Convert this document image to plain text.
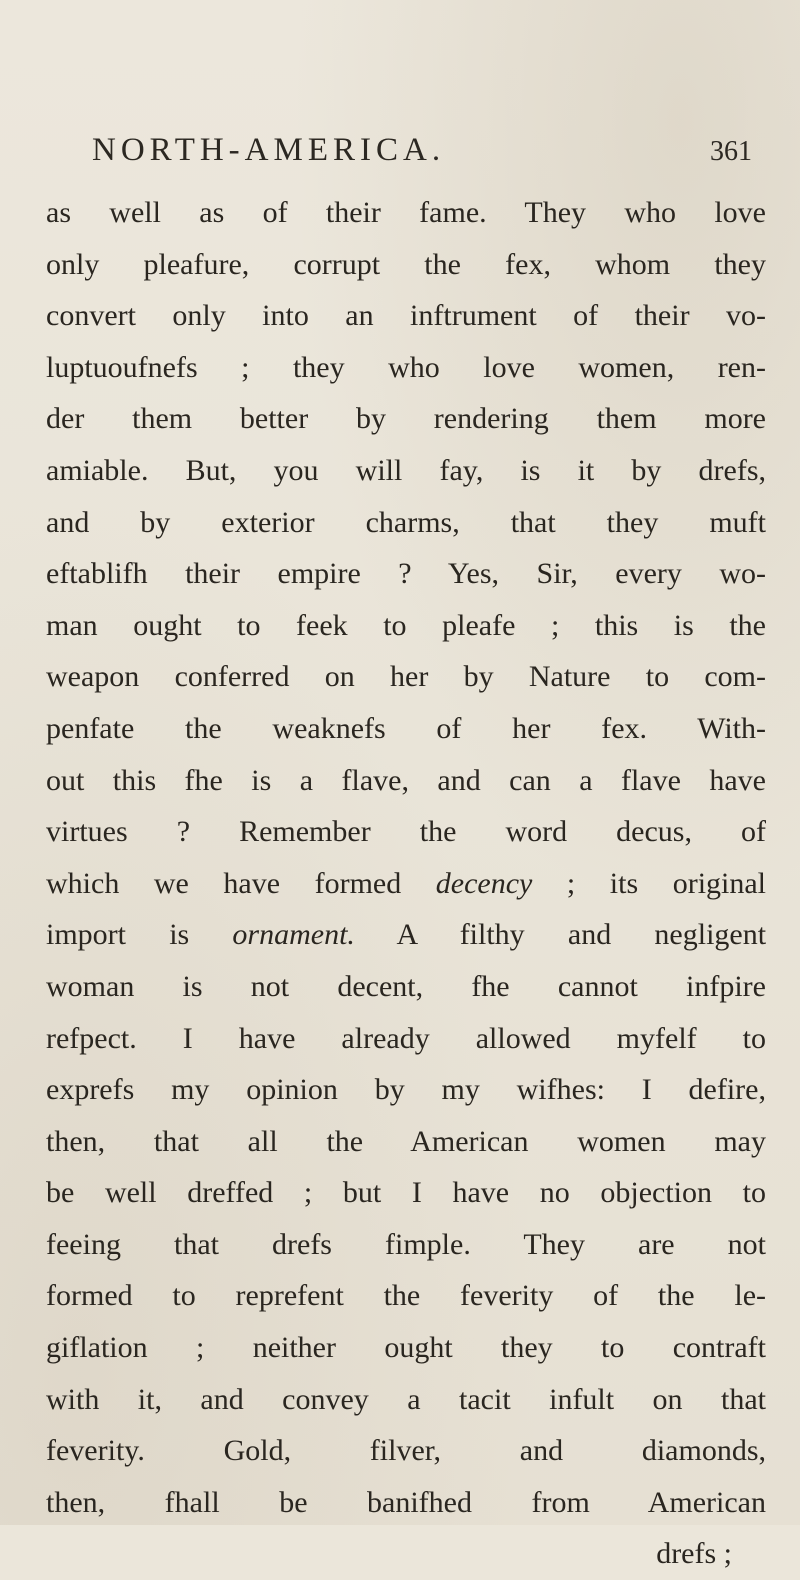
NORTH-AMERICA.	361
as well as of their fame. They who love
only pleafure, corrupt the fex, whom they
convert only into an inftrument of their vo-
luptuoufnefs ; they who love women, ren-
der them better by rendering them more
amiable. But, you will fay, is it by drefs,
and by exterior charms, that they muft
eftablifh their empire ? Yes, Sir, every wo-
man ought to feek to pleafe ; this is the
weapon conferred on her by Nature to com-
penfate the weaknefs of her fex. With-
out this fhe is a flave, and can a flave have
virtues ? Remember the word decus, of
which we have formed decency ; its original
import is ornament. A filthy and negligent
woman is not decent, fhe cannot infpire
refpect. I have already allowed myfelf to
exprefs my opinion by my wifhes: I defire,
then, that all the American women may
be well dreffed ; but I have no objection to
feeing that drefs fimple. They are not
formed to reprefent the feverity of the le-
giflation ; neither ought they to contraft
with it, and convey a tacit infult on that
feverity. Gold, filver, and diamonds,
then, fhall be banifhed from American
drefs ;
